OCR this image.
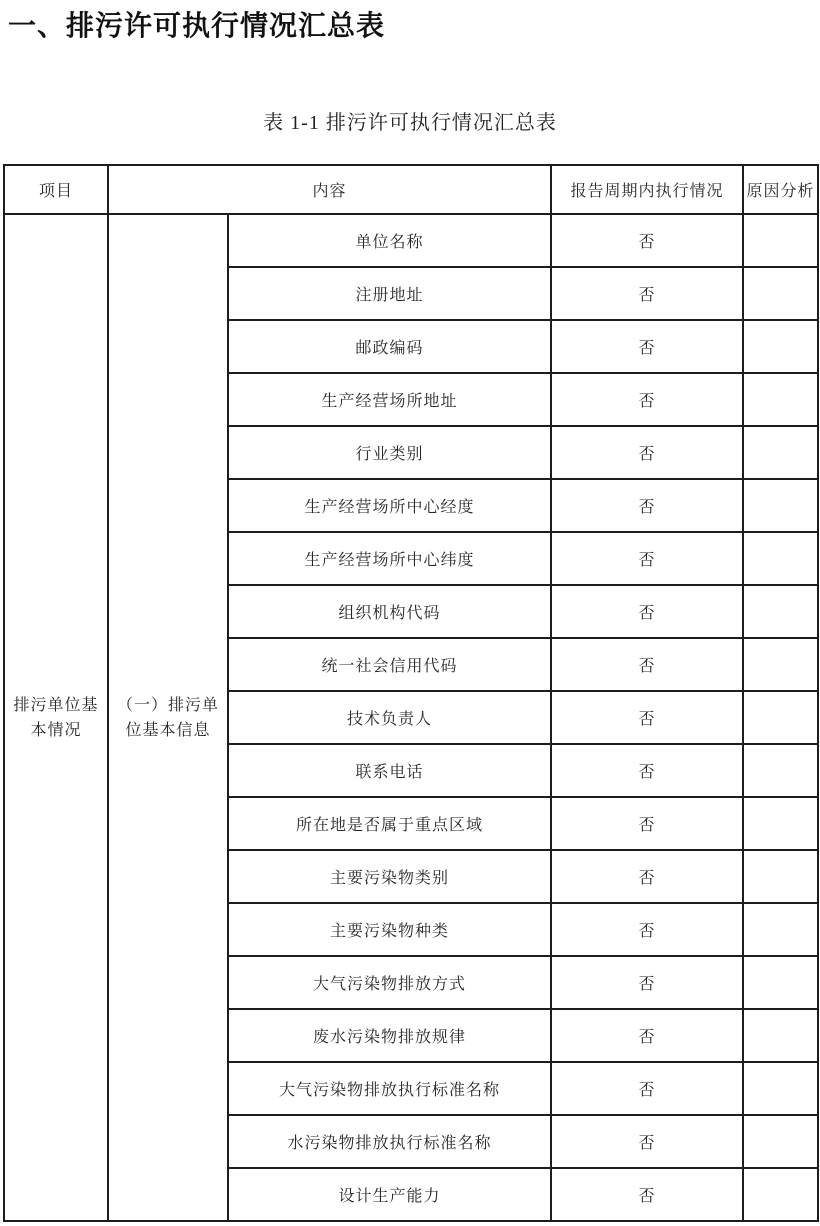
一、排污许可执行情况汇总表
表 1-1 排污许可执行情况汇总表
项目	内容		报告周期内执行情况	原因分析
排污单位基本情况	（一）排污单位基本信息	单位名称	否	
		注册地址	否	
		邮政编码	否	
		生产经营场所地址	否	
		行业类别	否	
		生产经营场所中心经度	否	
		生产经营场所中心纬度	否	
		组织机构代码	否	
		统一社会信用代码	否	
		技术负责人	否	
		联系电话	否	
		所在地是否属于重点区域	否	
		主要污染物类别	否	
		主要污染物种类	否	
		大气污染物排放方式	否	
		废水污染物排放规律	否	
		大气污染物排放执行标准名称	否	
		水污染物排放执行标准名称	否	
		设计生产能力	否	
